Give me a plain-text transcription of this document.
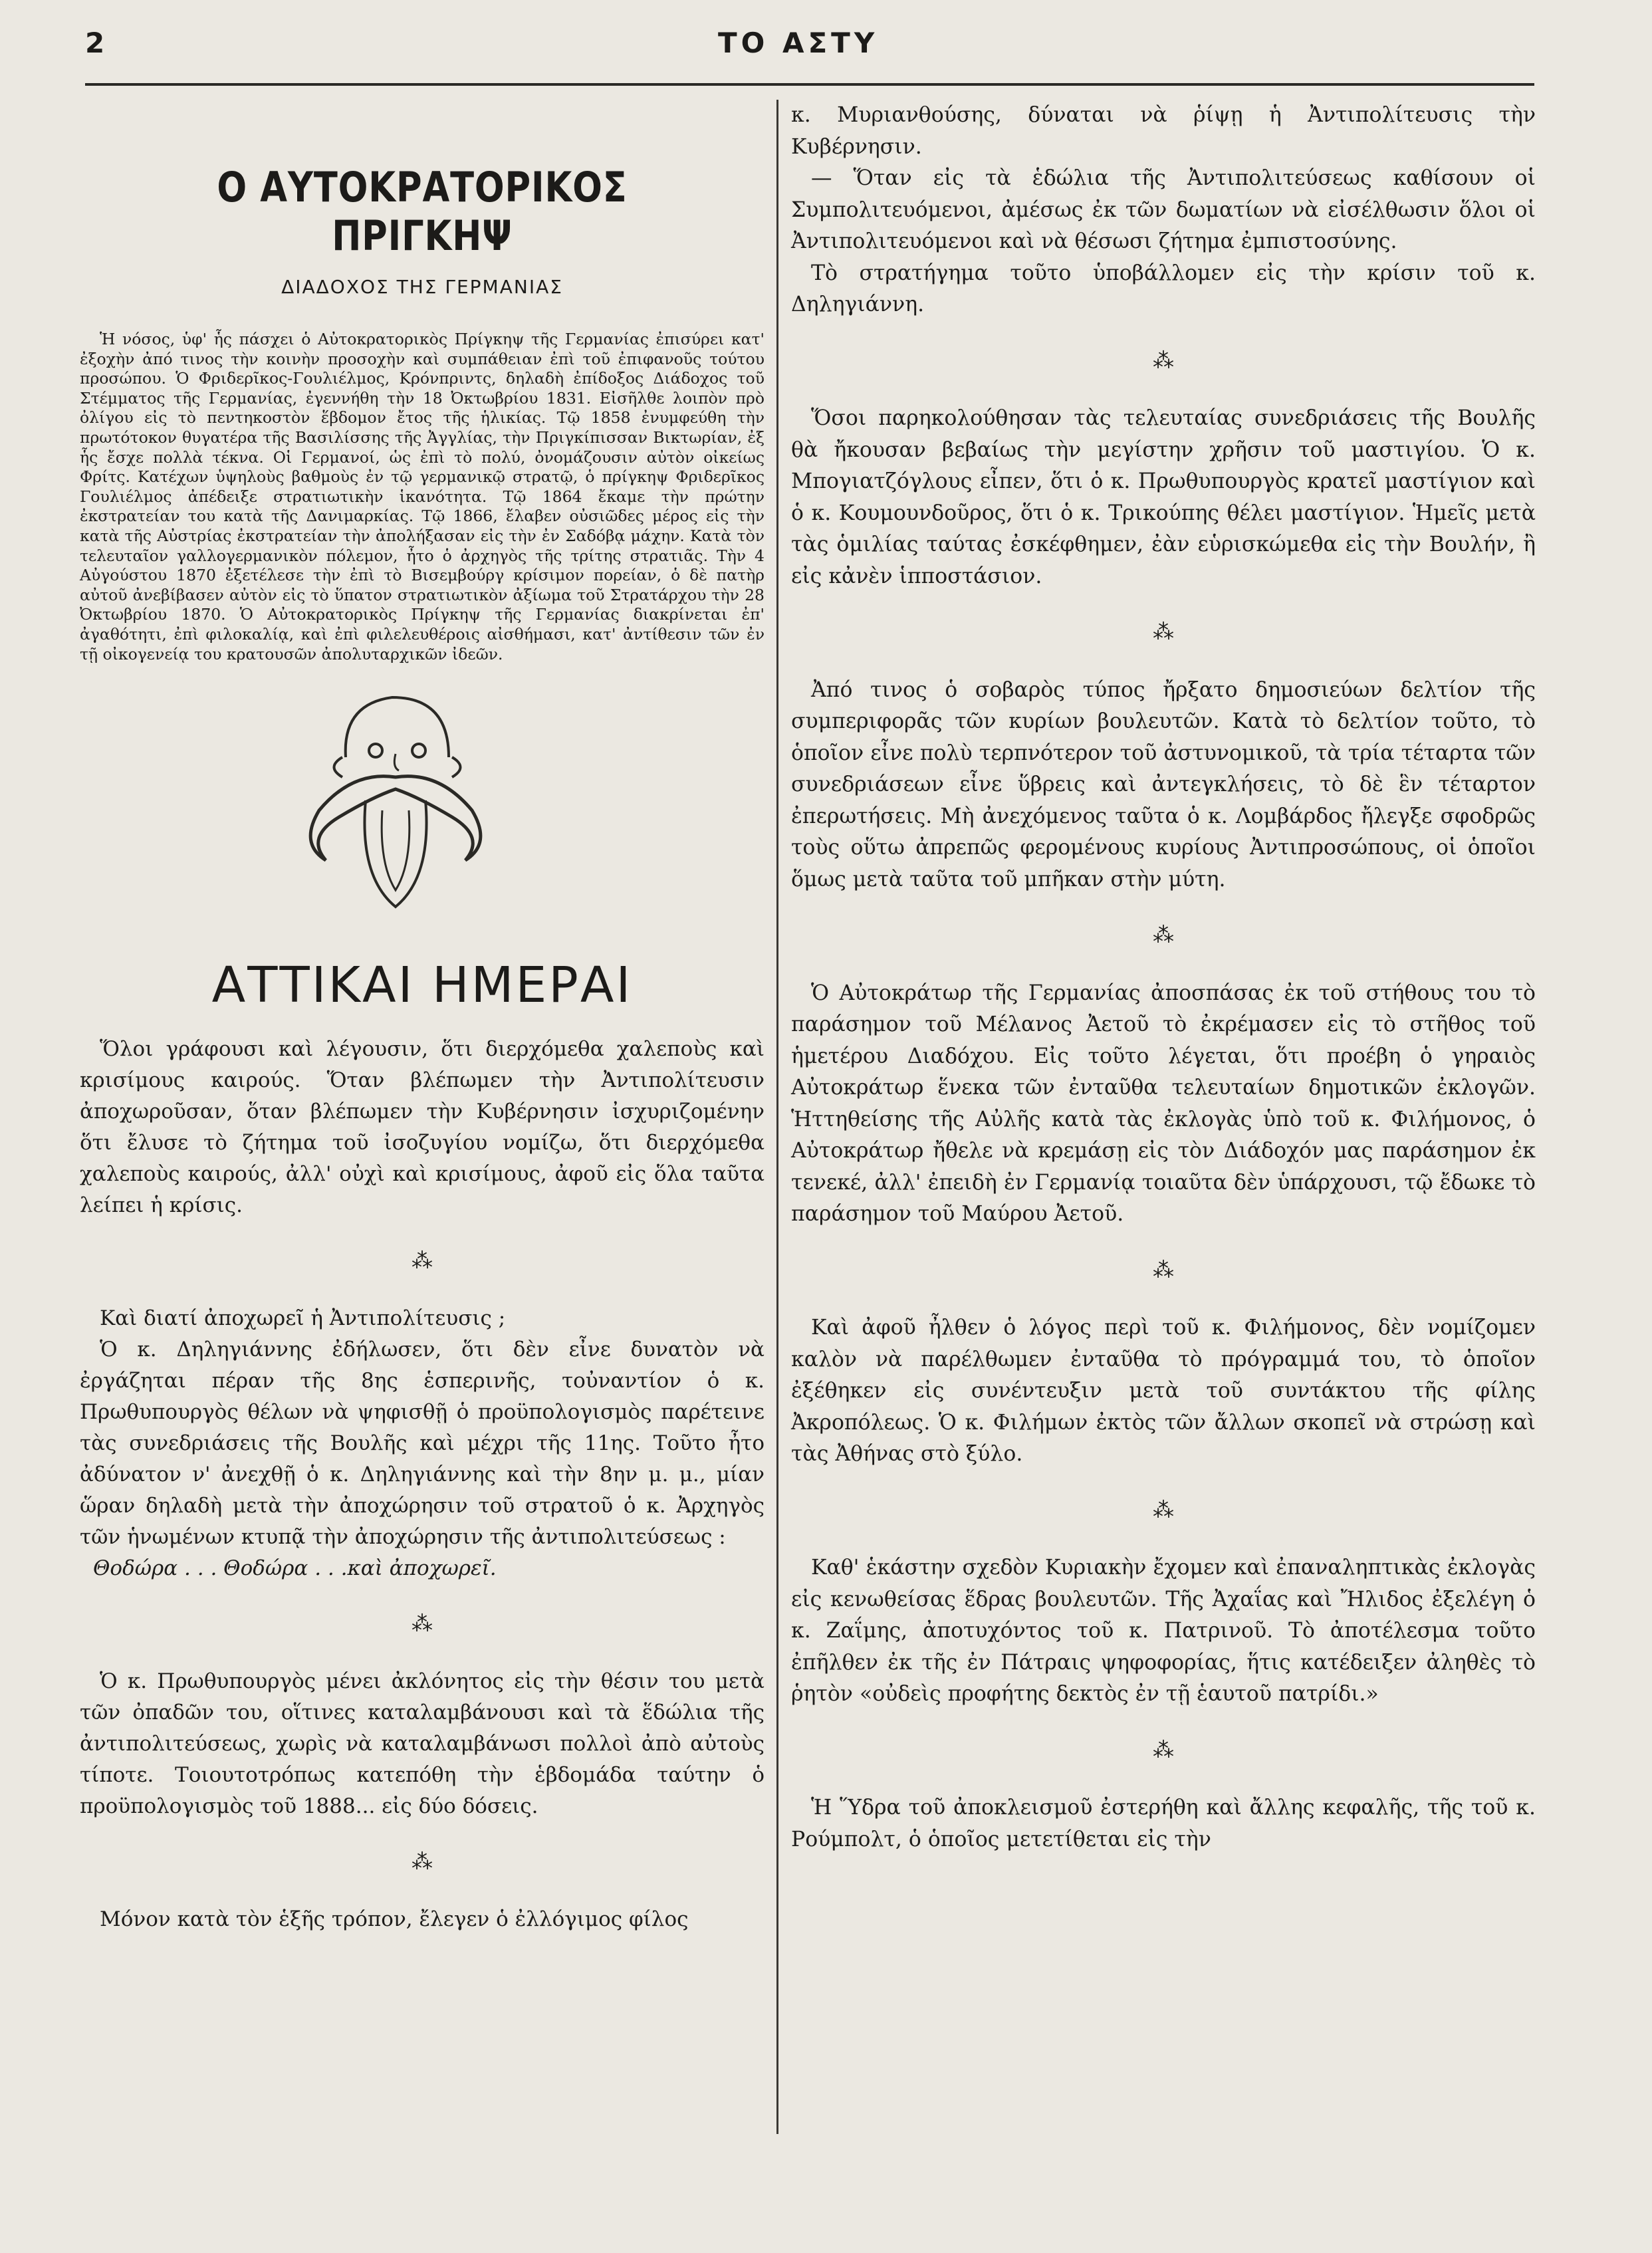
2	ΤΟ ΑΣΤΥ
Ο ΑΥΤΟΚΡΑΤΟΡΙΚΟΣ ΠΡΙΓΚΗΨ
ΔΙΑΔΟΧΟΣ ΤΗΣ ΓΕΡΜΑΝΙΑΣ
Ἡ νόσος, ὑφ' ἧς πάσχει ὁ Αὐτοκρατορικὸς Πρίγκηψ τῆς Γερμανίας ἐπισύρει κατ' ἐξοχὴν ἀπό τινος τὴν κοινὴν προσοχὴν καὶ συμπάθειαν ἐπὶ τοῦ ἐπιφανοῦς τούτου προσώπου. Ὁ Φριδερῖκος-Γουλιέλμος, Κρόνπριντς, δηλαδὴ ἐπίδοξος Διάδοχος τοῦ Στέμματος τῆς Γερμανίας, ἐγεννήθη τὴν 18 Ὀκτωβρίου 1831. Εἰσῆλθε λοιπὸν πρὸ ὀλίγου εἰς τὸ πεντηκοστὸν ἕβδομον ἔτος τῆς ἡλικίας. Τῷ 1858 ἐνυμφεύθη τὴν πρωτότοκον θυγατέρα τῆς Βασιλίσσης τῆς Ἀγγλίας, τὴν Πριγκίπισσαν Βικτωρίαν, ἐξ ἧς ἔσχε πολλὰ τέκνα. Οἱ Γερμανοί, ὡς ἐπὶ τὸ πολύ, ὀνομάζουσιν αὐτὸν οἰκείως Φρίτς. Κατέχων ὑψηλοὺς βαθμοὺς ἐν τῷ γερμανικῷ στρατῷ, ὁ πρίγκηψ Φριδερῖκος Γουλιέλμος ἀπέδειξε στρατιωτικὴν ἱκανότητα. Τῷ 1864 ἔκαμε τὴν πρώτην ἐκστρατείαν του κατὰ τῆς Δανιμαρκίας. Τῷ 1866, ἔλαβεν οὐσιῶδες μέρος εἰς τὴν κατὰ τῆς Αὐστρίας ἐκστρατείαν τὴν ἀπολήξασαν εἰς τὴν ἐν Σαδόβᾳ μάχην. Κατὰ τὸν τελευταῖον γαλλογερμανικὸν πόλεμον, ἦτο ὁ ἀρχηγὸς τῆς τρίτης στρατιᾶς. Τὴν 4 Αὐγούστου 1870 ἐξετέλεσε τὴν ἐπὶ τὸ Βισεμβούργ κρίσιμον πορείαν, ὁ δὲ πατὴρ αὐτοῦ ἀνεβίβασεν αὐτὸν εἰς τὸ ὕπατον στρατιωτικὸν ἀξίωμα τοῦ Στρατάρχου τὴν 28 Ὀκτωβρίου 1870. Ὁ Αὐτοκρατορικὸς Πρίγκηψ τῆς Γερμανίας διακρίνεται ἐπ' ἀγαθότητι, ἐπὶ φιλοκαλίᾳ, καὶ ἐπὶ φιλελευθέροις αἰσθήμασι, κατ' ἀντίθεσιν τῶν ἐν τῇ οἰκογενείᾳ του κρατουσῶν ἀπολυταρχικῶν ἰδεῶν.
ΑΤΤΙΚΑΙ ΗΜΕΡΑΙ
Ὅλοι γράφουσι καὶ λέγουσιν, ὅτι διερχόμεθα χαλεποὺς καὶ κρισίμους καιρούς. Ὅταν βλέπωμεν τὴν Ἀντιπολίτευσιν ἀποχωροῦσαν, ὅταν βλέπωμεν τὴν Κυβέρνησιν ἰσχυριζομένην ὅτι ἔλυσε τὸ ζήτημα τοῦ ἰσοζυγίου νομίζω, ὅτι διερχόμεθα χαλεποὺς καιρούς, ἀλλ' οὐχὶ καὶ κρισίμους, ἀφοῦ εἰς ὅλα ταῦτα λείπει ἡ κρίσις.
⁂
Καὶ διατί ἀποχωρεῖ ἡ Ἀντιπολίτευσις ;
Ὁ κ. Δηληγιάννης ἐδήλωσεν, ὅτι δὲν εἶνε δυνατὸν νὰ ἐργάζηται πέραν τῆς 8ης ἑσπερινῆς, τοὐναντίον ὁ κ. Πρωθυπουργὸς θέλων νὰ ψηφισθῇ ὁ προϋπολογισμὸς παρέτεινε τὰς συνεδριάσεις τῆς Βουλῆς καὶ μέχρι τῆς 11ης. Τοῦτο ἦτο ἀδύνατον ν' ἀνεχθῇ ὁ κ. Δηληγιάννης καὶ τὴν 8ην μ. μ., μίαν ὥραν δηλαδὴ μετὰ τὴν ἀποχώρησιν τοῦ στρατοῦ ὁ κ. Ἀρχηγὸς τῶν ἡνωμένων κτυπᾷ τὴν ἀποχώρησιν τῆς ἀντιπολιτεύσεως :
Θοδώρα . . . Θοδώρα . . .καὶ ἀποχωρεῖ.
⁂
Ὁ κ. Πρωθυπουργὸς μένει ἀκλόνητος εἰς τὴν θέσιν του μετὰ τῶν ὀπαδῶν του, οἵτινες καταλαμβάνουσι καὶ τὰ ἕδώλια τῆς ἀντιπολιτεύσεως, χωρὶς νὰ καταλαμβάνωσι πολλοὶ ἀπὸ αὐτοὺς τίποτε. Τοιουτοτρόπως κατεπόθη τὴν ἑβδομάδα ταύτην ὁ προϋπολογισμὸς τοῦ 1888... εἰς δύο δόσεις.
⁂
Μόνον κατὰ τὸν ἑξῆς τρόπον, ἔλεγεν ὁ ἐλλόγιμος φίλος
κ. Μυριανθούσης, δύναται νὰ ῥίψῃ ἡ Ἀντιπολίτευσις τὴν Κυβέρνησιν.
— Ὅταν εἰς τὰ ἑδώλια τῆς Ἀντιπολιτεύσεως καθίσουν οἱ Συμπολιτευόμενοι, ἀμέσως ἐκ τῶν δωματίων νὰ εἰσέλθωσιν ὅλοι οἱ Ἀντιπολιτευόμενοι καὶ νὰ θέσωσι ζήτημα ἐμπιστοσύνης.
Τὸ στρατήγημα τοῦτο ὑποβάλλομεν εἰς τὴν κρίσιν τοῦ κ. Δηληγιάννη.
⁂
Ὅσοι παρηκολούθησαν τὰς τελευταίας συνεδριάσεις τῆς Βουλῆς θὰ ἤκουσαν βεβαίως τὴν μεγίστην χρῆσιν τοῦ μαστιγίου. Ὁ κ. Μπογιατζόγλους εἶπεν, ὅτι ὁ κ. Πρωθυπουργὸς κρατεῖ μαστίγιον καὶ ὁ κ. Κουμουνδοῦρος, ὅτι ὁ κ. Τρικούπης θέλει μαστίγιον. Ἡμεῖς μετὰ τὰς ὁμιλίας ταύτας ἐσκέφθημεν, ἐὰν εὑρισκώμεθα εἰς τὴν Βουλήν, ἢ εἰς κἀνὲν ἱπποστάσιον.
⁂
Ἀπό τινος ὁ σοβαρὸς τύπος ἤρξατο δημοσιεύων δελτίον τῆς συμπεριφορᾶς τῶν κυρίων βουλευτῶν. Κατὰ τὸ δελτίον τοῦτο, τὸ ὁποῖον εἶνε πολὺ τερπνότερον τοῦ ἀστυνομικοῦ, τὰ τρία τέταρτα τῶν συνεδριάσεων εἶνε ὕβρεις καὶ ἀντεγκλήσεις, τὸ δὲ ἓν τέταρτον ἐπερωτήσεις. Μὴ ἀνεχόμενος ταῦτα ὁ κ. Λομβάρδος ἤλεγξε σφοδρῶς τοὺς οὕτω ἀπρεπῶς φερομένους κυρίους Ἀντιπροσώπους, οἱ ὁποῖοι ὅμως μετὰ ταῦτα τοῦ μπῆκαν στὴν μύτη.
⁂
Ὁ Αὐτοκράτωρ τῆς Γερμανίας ἀποσπάσας ἐκ τοῦ στήθους του τὸ παράσημον τοῦ Μέλανος Ἀετοῦ τὸ ἐκρέμασεν εἰς τὸ στῆθος τοῦ ἡμετέρου Διαδόχου. Εἰς τοῦτο λέγεται, ὅτι προέβη ὁ γηραιὸς Αὐτοκράτωρ ἕνεκα τῶν ἐνταῦθα τελευταίων δημοτικῶν ἐκλογῶν. Ἡττηθείσης τῆς Αὐλῆς κατὰ τὰς ἐκλογὰς ὑπὸ τοῦ κ. Φιλήμονος, ὁ Αὐτοκράτωρ ἤθελε νὰ κρεμάσῃ εἰς τὸν Διάδοχόν μας παράσημον ἐκ τενεκέ, ἀλλ' ἐπειδὴ ἐν Γερμανίᾳ τοιαῦτα δὲν ὑπάρχουσι, τῷ ἔδωκε τὸ παράσημον τοῦ Μαύρου Ἀετοῦ.
⁂
Καὶ ἀφοῦ ἦλθεν ὁ λόγος περὶ τοῦ κ. Φιλήμονος, δὲν νομίζομεν καλὸν νὰ παρέλθωμεν ἐνταῦθα τὸ πρόγραμμά του, τὸ ὁποῖον ἐξέθηκεν εἰς συνέντευξιν μετὰ τοῦ συντάκτου τῆς φίλης Ἀκροπόλεως. Ὁ κ. Φιλήμων ἐκτὸς τῶν ἄλλων σκοπεῖ νὰ στρώσῃ καὶ τὰς Ἀθήνας στὸ ξύλο.
⁂
Καθ' ἑκάστην σχεδὸν Κυριακὴν ἔχομεν καὶ ἐπαναληπτικὰς ἐκλογὰς εἰς κενωθείσας ἕδρας βουλευτῶν. Τῆς Ἀχαΐας καὶ Ἤλιδος ἐξελέγη ὁ κ. Ζαΐμης, ἀποτυχόντος τοῦ κ. Πατρινοῦ. Τὸ ἀποτέλεσμα τοῦτο ἐπῆλθεν ἐκ τῆς ἐν Πάτραις ψηφοφορίας, ἥτις κατέδειξεν ἀληθὲς τὸ ῥητὸν «οὐδεὶς προφήτης δεκτὸς ἐν τῇ ἑαυτοῦ πατρίδι.»
⁂
Ἡ Ὕδρα τοῦ ἀποκλεισμοῦ ἐστερήθη καὶ ἄλλης κεφαλῆς, τῆς τοῦ κ. Ρούμπολτ, ὁ ὁποῖος μετετίθεται εἰς τὴν
